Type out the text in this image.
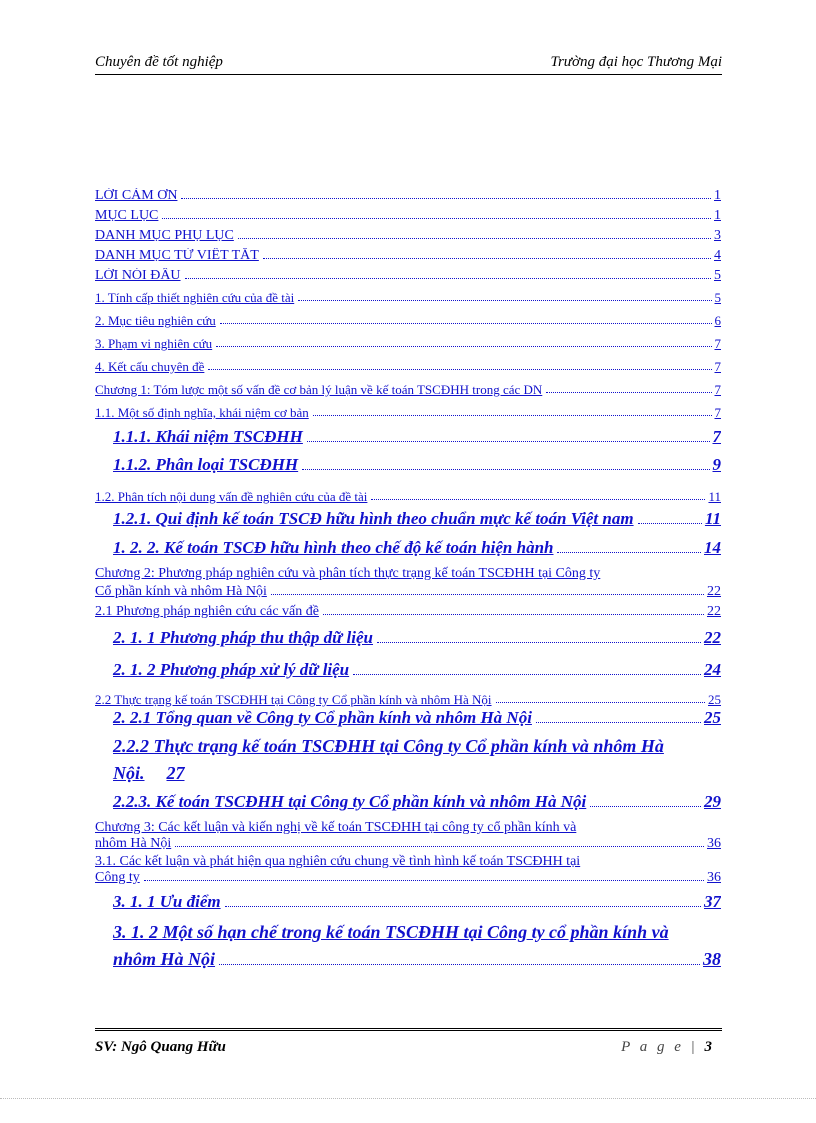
Chuyên đề tốt nghiệp	Trường đại học Thương Mại
LỜI CẢM ƠN	1
MỤC LỤC	1
DANH MỤC PHỤ LỤC	3
DANH MỤC TỪ VIẾT TẮT	4
LỜI NÓI ĐẦU	5
1. Tính cấp thiết nghiên cứu của đề tài	5
2. Mục tiêu nghiên cứu	6
3. Phạm vi nghiên cứu	7
4. Kết cấu chuyên đề	7
Chương 1: Tóm lược một số vấn đề cơ bản lý luận về kế toán TSCĐHH trong các DN	7
1.1. Một số định nghĩa, khái niệm cơ bản	7
1.1.1. Khái niệm TSCĐHH	7
1.1.2. Phân loại TSCĐHH	9
1.2. Phân tích nội dung vấn đề nghiên cứu của đề tài	11
1.2.1. Qui định kế toán TSCĐ hữu hình theo chuẩn mực kế toán Việt nam	11
1. 2. 2. Kế toán TSCĐ hữu hình theo chế độ kế toán hiện hành	14
Chương 2: Phương pháp nghiên cứu và phân tích thực trạng kế toán TSCĐHH tại Công ty
Cổ phần kính và nhôm Hà Nội	22
2.1 Phương pháp nghiên cứu các vấn đề	22
2. 1. 1 Phương pháp thu thập dữ liệu	22
2. 1. 2 Phương pháp xử lý dữ liệu	24
2.2 Thực trạng kế toán TSCĐHH tại Công ty Cổ phần kính và nhôm Hà Nội	25
2. 2.1 Tổng quan về Công ty Cổ phần kính và nhôm Hà Nội	25
2.2.2 Thực trạng kế toán TSCĐHH tại Công ty Cổ phần kính và nhôm Hà
Nội. 27
2.2.3. Kế toán TSCĐHH tại Công ty Cổ phần kính và nhôm Hà Nội	29
Chương 3: Các kết luận và kiến nghị về kế toán TSCĐHH tại công ty cổ phần kính và
nhôm Hà Nội	36
3.1. Các kết luận và phát hiện qua nghiên cứu chung về tình hình kế toán TSCĐHH tại
Công ty	36
3. 1. 1 Ưu điểm	37
3. 1. 2 Một số hạn chế trong kế toán TSCĐHH tại Công ty cổ phần kính và
nhôm Hà Nội	38
SV: Ngô Quang Hữu	P a g e | 3
